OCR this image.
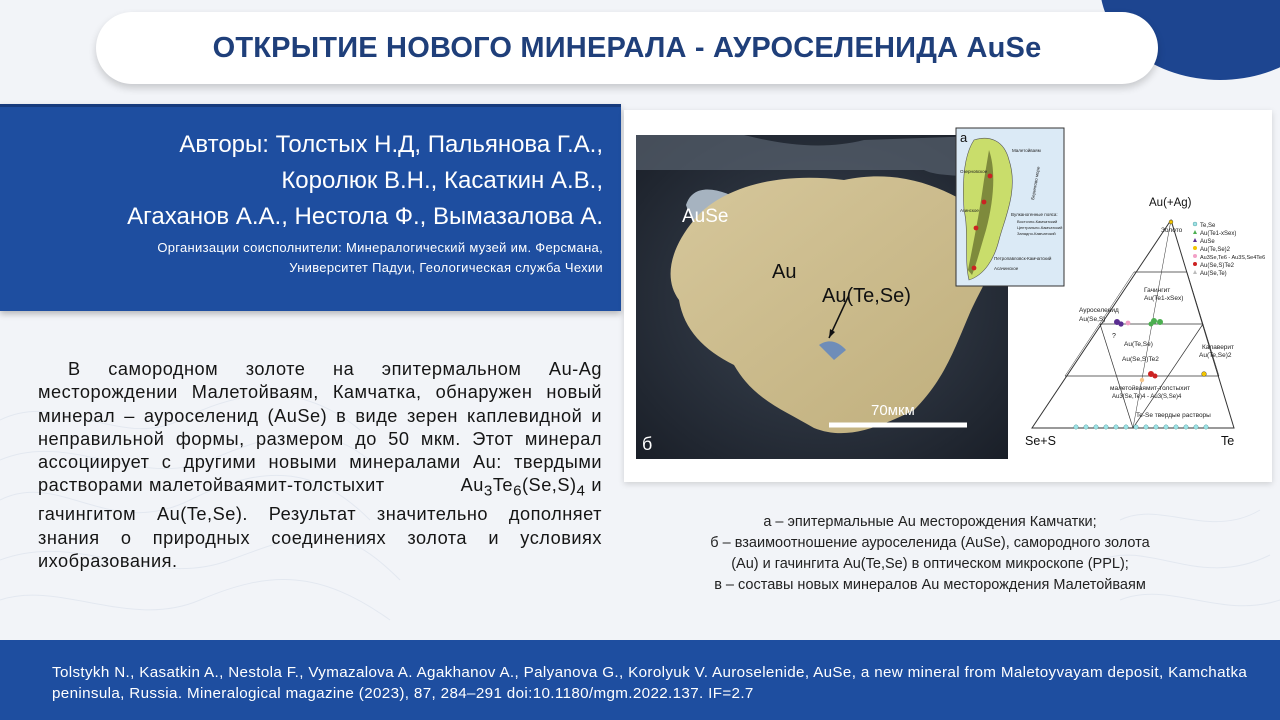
ОТКРЫТИЕ НОВОГО МИНЕРАЛА - АУРОСЕЛЕНИДА AuSe
Авторы: Толстых Н.Д, Пальянова Г.А.,
Королюк В.Н., Касаткин А.В.,
Агаханов А.А., Нестола Ф., Вымазалова А.
Организации соисполнители: Минералогический музей им. Ферсмана,
Университет Падуи, Геологическая служба Чехии

В самородном золоте на эпитермальном Au-Ag месторождении Малетойваям, Камчатка, обнаружен новый минерал – ауроселенид (AuSe) в виде зерен каплевидной и неправильной формы, размером до 50 мкм. Этот минерал ассоциирует с другими новыми минералами Au: твердыми растворами малетойваямит-толстыхит	$Au_3Te_6(Se,S)_4$ и гачингитом Au(Te,Se). Результат значительно дополняет знания о природных соединениях золота и условиях ихобразования.

AuSe
Au
Au(Te,Se)
70мкм
б
а
Малетойваям
Озерновское	Берингово море
Агинское
Вулканогенные пояса:
Восточно-Камчатский
Центрально-Камчатский
Западно-Камчатский
Петропавловск-Камчатский
Асачинское
Au(+Ag)
Se+S	Te
Золото
Гачингит
Au(Te1-xSex)
Ауроселенид
Au(Se,S)
Au(Te,Se)	Калаверит
Au(Te,Se)2
Au(Se,S)Te2
малетойваямит-толстыхит
Au3(Se,Te)4 - Au3(S,Se)4
Te-Se твердые растворы
?
Te,Se
Au(Te1-xSex)
AuSe
Au(Te,Se)2
Au3Se,Te6 - Au3S,Se4Te6
Au(Se,S)Te2
Au(Se,Te)
а – эпитермальные Au месторождения Камчатки;
б – взаимоотношение ауроселенида (AuSe), самородного золота
(Au) и гачингита Au(Te,Se) в оптическом микроскопе (PPL);
в – составы новых минералов Au месторождения Малетойваям
Tolstykh N., Kasatkin A., Nestola F., Vymazalova A. Agakhanov A., Palyanova G., Korolyuk V. Auroselenide, AuSe, a new mineral from Maletoyvayam deposit, Kamchatka peninsula, Russia. Mineralogical magazine (2023), 87, 284–291 doi:10.1180/mgm.2022.137. IF=2.7
